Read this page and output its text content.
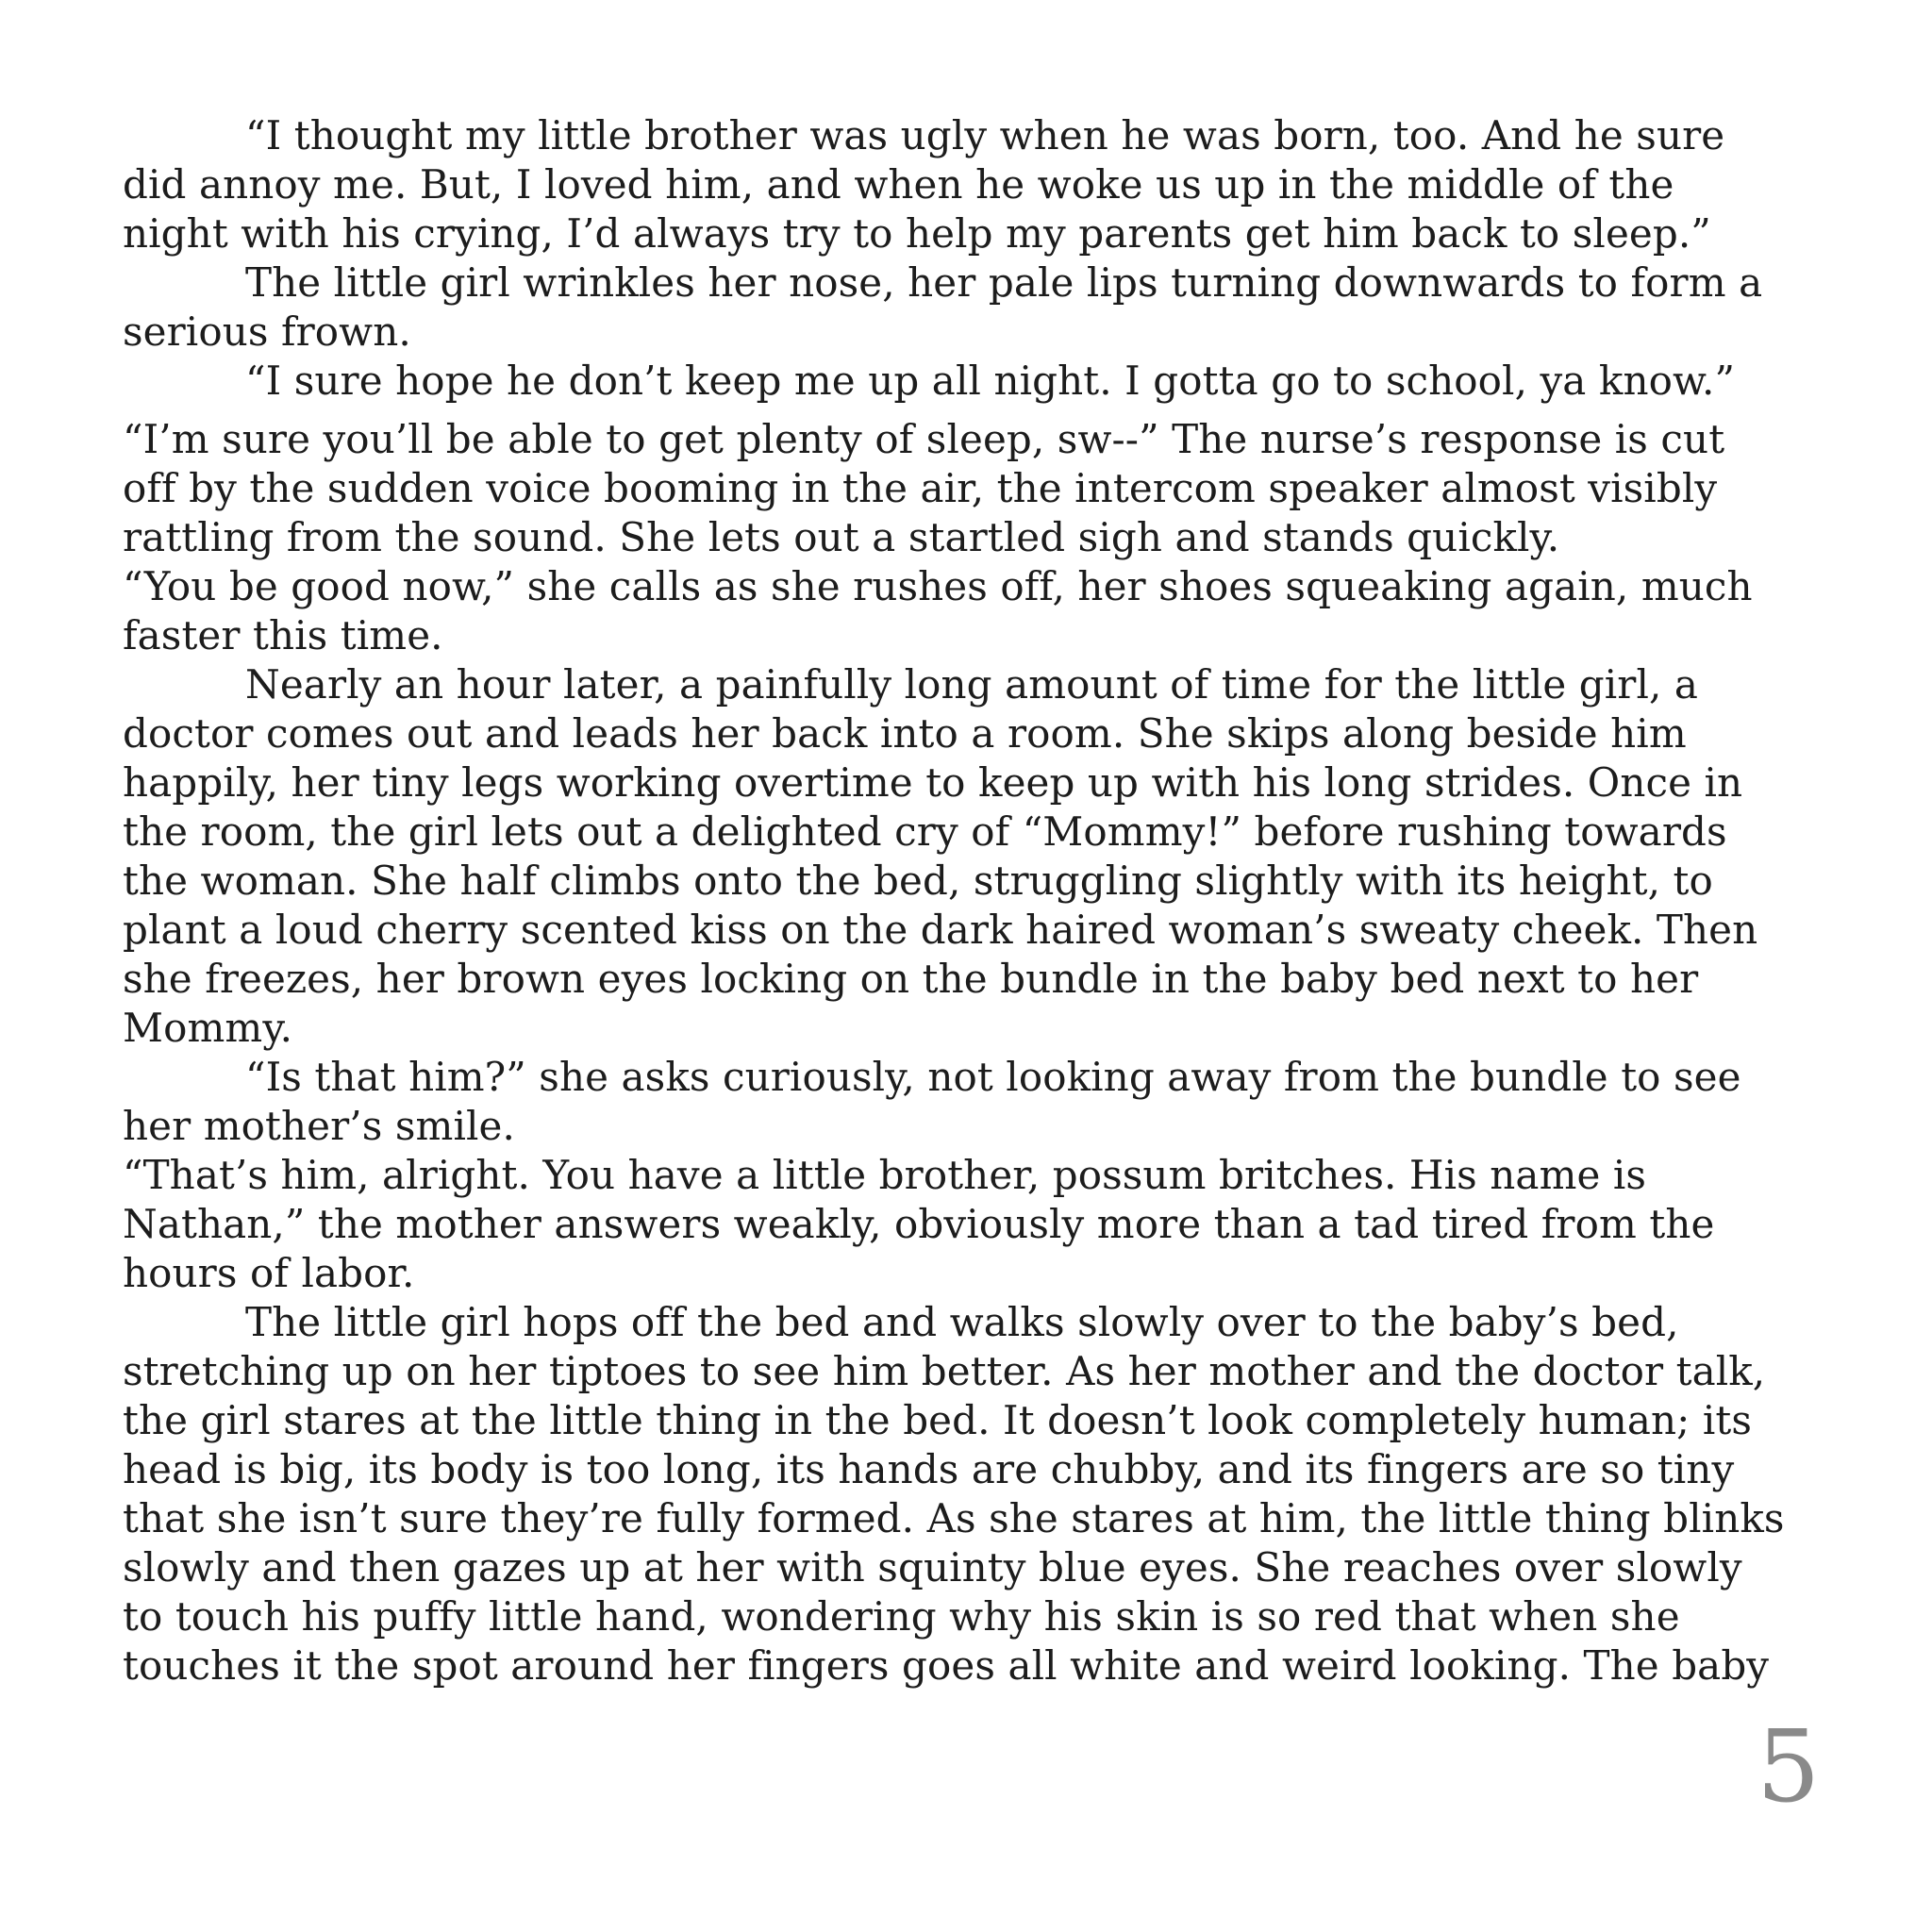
“I thought my little brother was ugly when he was born, too. And he sure
did annoy me. But, I loved him, and when he woke us up in the middle of the
night with his crying, I’d always try to help my parents get him back to sleep.”
The little girl wrinkles her nose, her pale lips turning downwards to form a
serious frown.
“I sure hope he don’t keep me up all night. I gotta go to school, ya know.”
“I’m sure you’ll be able to get plenty of sleep, sw--” The nurse’s response is cut
off by the sudden voice booming in the air, the intercom speaker almost visibly
rattling from the sound. She lets out a startled sigh and stands quickly.
“You be good now,” she calls as she rushes off, her shoes squeaking again, much
faster this time.
Nearly an hour later, a painfully long amount of time for the little girl, a
doctor comes out and leads her back into a room. She skips along beside him
happily, her tiny legs working overtime to keep up with his long strides. Once in
the room, the girl lets out a delighted cry of “Mommy!” before rushing towards
the woman. She half climbs onto the bed, struggling slightly with its height, to
plant a loud cherry scented kiss on the dark haired woman’s sweaty cheek. Then
she freezes, her brown eyes locking on the bundle in the baby bed next to her
Mommy.
“Is that him?” she asks curiously, not looking away from the bundle to see
her mother’s smile.
“That’s him, alright. You have a little brother, possum britches. His name is
Nathan,” the mother answers weakly, obviously more than a tad tired from the
hours of labor.
The little girl hops off the bed and walks slowly over to the baby’s bed,
stretching up on her tiptoes to see him better. As her mother and the doctor talk,
the girl stares at the little thing in the bed. It doesn’t look completely human; its
head is big, its body is too long, its hands are chubby, and its fingers are so tiny
that she isn’t sure they’re fully formed. As she stares at him, the little thing blinks
slowly and then gazes up at her with squinty blue eyes. She reaches over slowly
to touch his puffy little hand, wondering why his skin is so red that when she
touches it the spot around her fingers goes all white and weird looking. The baby
5
